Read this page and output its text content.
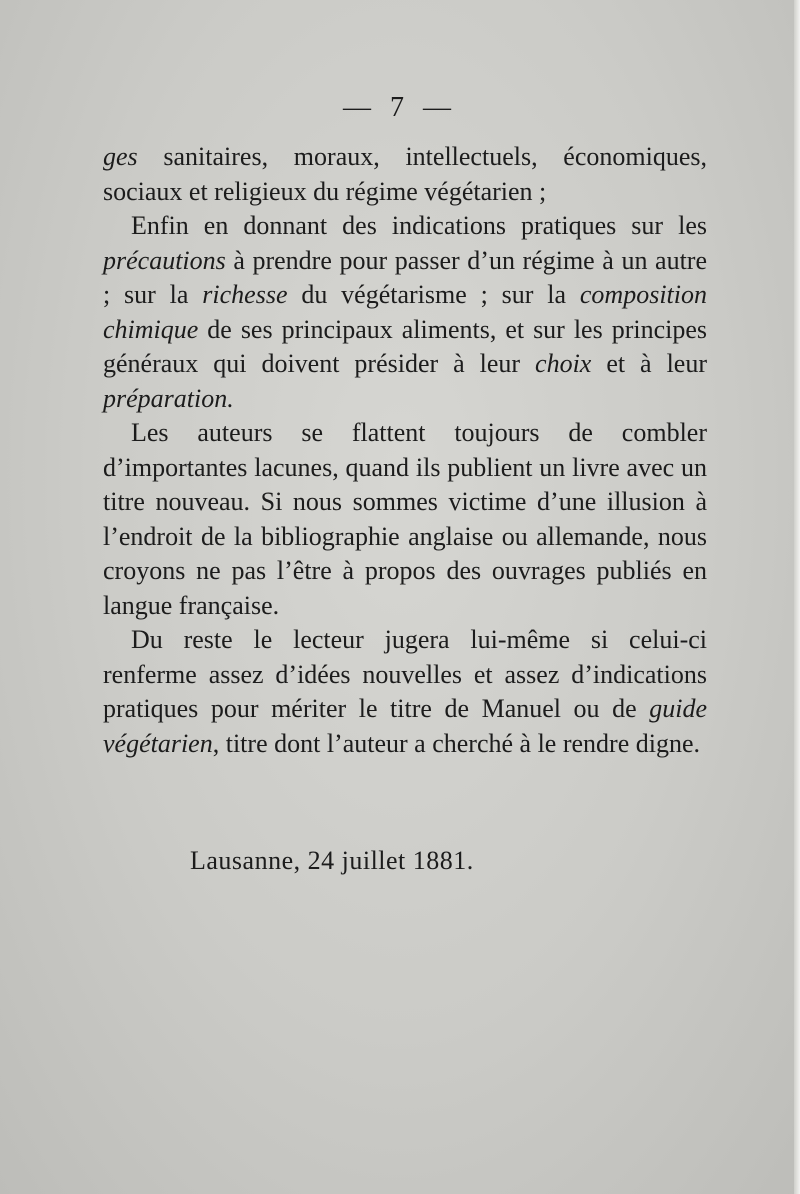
— 7 —

ges sanitaires, moraux, intellectuels, économiques, sociaux et religieux du régime végétarien ;

Enfin en donnant des indications pratiques sur les précautions à prendre pour passer d’un régime à un autre ; sur la richesse du végétarisme ; sur la composition chimique de ses principaux aliments, et sur les principes généraux qui doivent présider à leur choix et à leur préparation.

Les auteurs se flattent toujours de combler d’importantes lacunes, quand ils publient un livre avec un titre nouveau. Si nous sommes victime d’une illusion à l’endroit de la bibliographie anglaise ou allemande, nous croyons ne pas l’être à propos des ouvrages publiés en langue française.

Du reste le lecteur jugera lui-même si celui-ci renferme assez d’idées nouvelles et assez d’indications pratiques pour mériter le titre de Manuel ou de guide végétarien, titre dont l’auteur a cherché à le rendre digne.

Lausanne, 24 juillet 1881.
